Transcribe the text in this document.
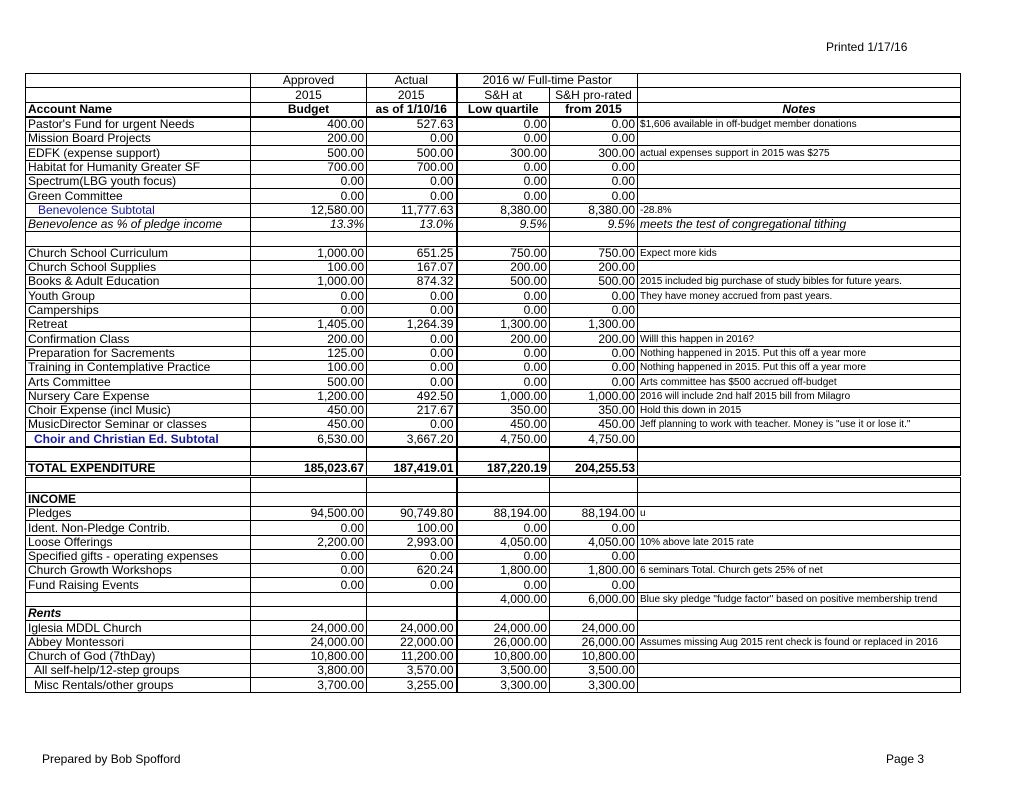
Printed 1/17/16
	Approved	Actual	2016 w/ Full-time Pastor		
	2015	2015	S&H at	S&H pro-rated	
Account Name	Budget	as of 1/10/16	Low quartile	from 2015	Notes
Pastor's Fund for urgent Needs	400.00	527.63	0.00	0.00	$1,606 available in off-budget member donations
Mission Board Projects	200.00	0.00	0.00	0.00	
EDFK (expense support)	500.00	500.00	300.00	300.00	actual expenses support in 2015 was $275
Habitat for Humanity Greater SF	700.00	700.00	0.00	0.00	
Spectrum(LBG youth focus)	0.00	0.00	0.00	0.00	
Green Committee	0.00	0.00	0.00	0.00	
Benevolence Subtotal	12,580.00	11,777.63	8,380.00	8,380.00	-28.8%
Benevolence as % of pledge income	13.3%	13.0%	9.5%	9.5%	meets the test of congregational tithing

Church School Curriculum	1,000.00	651.25	750.00	750.00	Expect more kids
Church School Supplies	100.00	167.07	200.00	200.00	
Books & Adult Education	1,000.00	874.32	500.00	500.00	2015 included big purchase of study bibles for future years.
Youth Group	0.00	0.00	0.00	0.00	They have money accrued from past years.
Camperships	0.00	0.00	0.00	0.00	
Retreat	1,405.00	1,264.39	1,300.00	1,300.00	
Confirmation Class	200.00	0.00	200.00	200.00	Willl this happen in 2016?
Preparation for Sacrements	125.00	0.00	0.00	0.00	Nothing happened in 2015. Put this off a year more
Training in Contemplative Practice	100.00	0.00	0.00	0.00	Nothing happened in 2015. Put this off a year more
Arts Committee	500.00	0.00	0.00	0.00	Arts committee has $500 accrued off-budget
Nursery Care Expense	1,200.00	492.50	1,000.00	1,000.00	2016 will include 2nd half 2015 bill from Milagro
Choir Expense (incl Music)	450.00	217.67	350.00	350.00	Hold this down in 2015
MusicDirector Seminar or classes	450.00	0.00	450.00	450.00	Jeff planning to work with teacher. Money is "use it or lose it."
Choir and Christian Ed. Subtotal	6,530.00	3,667.20	4,750.00	4,750.00	

TOTAL EXPENDITURE	185,023.67	187,419.01	187,220.19	204,255.53	

INCOME					
Pledges	94,500.00	90,749.80	88,194.00	88,194.00	u
Ident. Non-Pledge Contrib.	0.00	100.00	0.00	0.00	
Loose Offerings	2,200.00	2,993.00	4,050.00	4,050.00	10% above late 2015 rate
Specified gifts - operating expenses	0.00	0.00	0.00	0.00	
Church Growth Workshops	0.00	620.24	1,800.00	1,800.00	6 seminars Total. Church gets 25% of net
Fund Raising Events	0.00	0.00	0.00	0.00	
			4,000.00	6,000.00	Blue sky pledge "fudge factor" based on positive membership trend
Rents					
Iglesia MDDL Church	24,000.00	24,000.00	24,000.00	24,000.00	
Abbey Montessori	24,000.00	22,000.00	26,000.00	26,000.00	Assumes missing Aug 2015 rent check is found or replaced in 2016
Church of God (7thDay)	10,800.00	11,200.00	10,800.00	10,800.00	
All self-help/12-step groups	3,800.00	3,570.00	3,500.00	3,500.00	
Misc Rentals/other groups	3,700.00	3,255.00	3,300.00	3,300.00	
Prepared by Bob Spofford	Page 3
